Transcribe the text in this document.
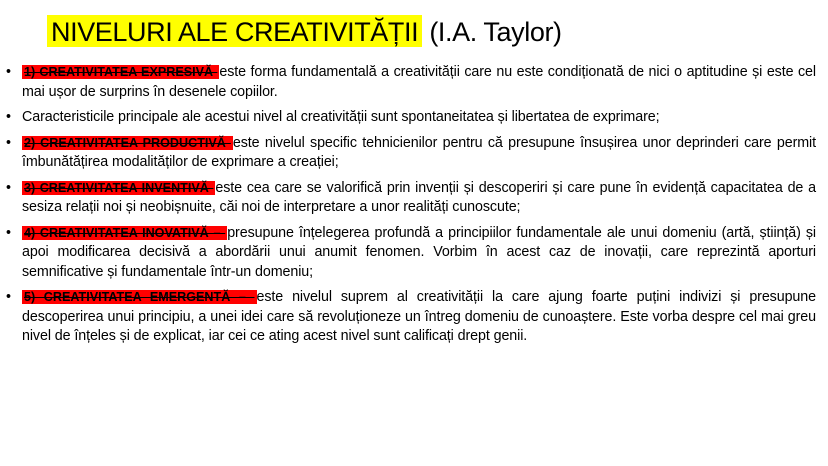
NIVELURI ALE CREATIVITĂȚII (I.A. Taylor)
• 1) CREATIVITATEA EXPRESIVĂ este forma fundamentală a creativității care nu este condiționată de nici o aptitudine și este cel mai ușor de surprins în desenele copiilor.
• Caracteristicile principale ale acestui nivel al creativității sunt spontaneitatea și libertatea de exprimare;
• 2) CREATIVITATEA PRODUCTIVĂ este nivelul specific tehnicienilor pentru că presupune însușirea unor deprinderi care permit îmbunătățirea modalităților de exprimare a creației;
• 3) CREATIVITATEA INVENTIVĂ este cea care se valorifică prin invenții și descoperiri și care pune în evidență capacitatea de a sesiza relații noi și neobișnuite, căi noi de interpretare a unor realități cunoscute;
• 4) CREATIVITATEA INOVATIVĂ – presupune înțelegerea profundă a principiilor fundamentale ale unui domeniu (artă, știință) și apoi modificarea decisivă a abordării unui anumit fenomen. Vorbim în acest caz de inovații, care reprezintă aporturi semnificative și fundamentale într-un domeniu;
• 5) CREATIVITATEA EMERGENTĂ – este nivelul suprem al creativității la care ajung foarte puțini indivizi și presupune descoperirea unui principiu, a unei idei care să revoluționeze un întreg domeniu de cunoaștere. Este vorba despre cel mai greu nivel de înțeles și de explicat, iar cei ce ating acest nivel sunt calificați drept genii.
